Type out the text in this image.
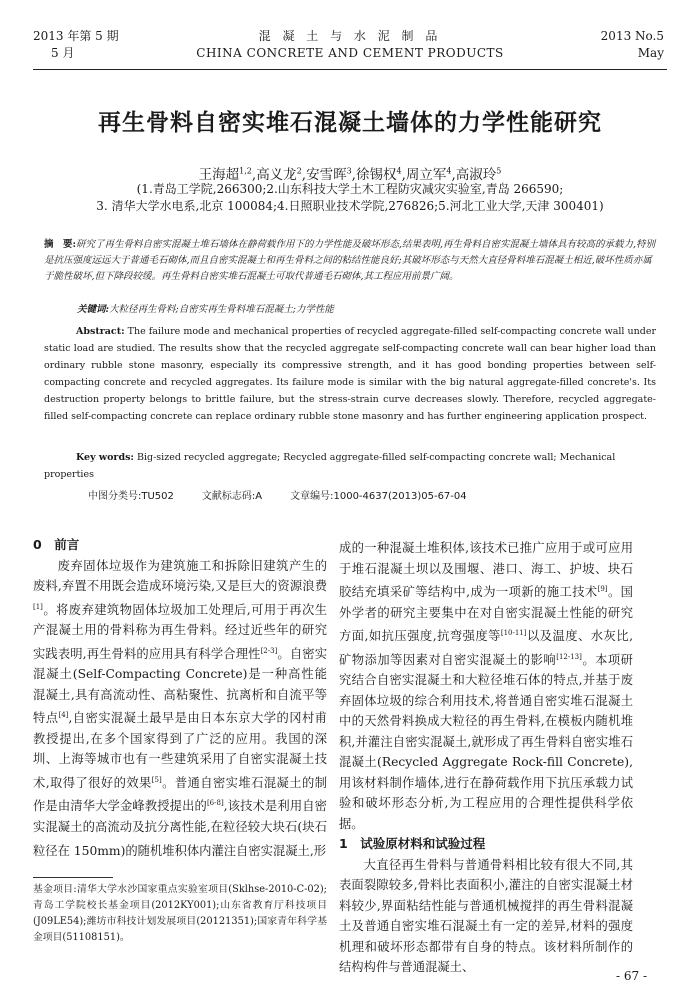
2013 年第 5 期
5 月
混 凝 土 与 水 泥 制 品
CHINA CONCRETE AND CEMENT PRODUCTS
2013 No.5
May
再生骨料自密实堆石混凝土墙体的力学性能研究
王海超$^{1,2}$,高义龙$^2$,安雪晖$^3$,徐锡权$^4$,周立军$^4$,高淑玲$^5$
(1.青岛工学院,266300;2.山东科技大学土木工程防灾减灾实验室,青岛 266590;
3. 清华大学水电系,北京 100084;4.日照职业技术学院,276826;5.河北工业大学,天津 300401)
摘　要:研究了再生骨料自密实混凝土堆石墙体在静荷载作用下的力学性能及破坏形态,结果表明,再生骨料自密实混凝土墙体具有较高的承载力,特别是抗压强度远远大于普通毛石砌体,而且自密实混凝土和再生骨料之间的粘结性能良好;其破坏形态与天然大直径骨料堆石混凝土相近,破坏性质亦属于脆性破坏,但下降段较缓。再生骨料自密实堆石混凝土可取代普通毛石砌体,其工程应用前景广阔。
关键词:大粒径再生骨料;自密实再生骨料堆石混凝土;力学性能
Abstract: The failure mode and mechanical properties of recycled aggregate-filled self-compacting concrete wall under static load are studied. The results show that the recycled aggregate self-compacting concrete wall can bear higher load than ordinary rubble stone masonry, especially its compressive strength, and it has good bonding properties between self-compacting concrete and recycled aggregates. Its failure mode is similar with the big natural aggregate-filled concrete's. Its destruction property belongs to brittle failure, but the stress-strain curve decreases slowly. Therefore, recycled aggregate-filled self-compacting concrete can replace ordinary rubble stone masonry and has further engineering application prospect.
Key words: Big-sized recycled aggregate; Recycled aggregate-filled self-compacting concrete wall; Mechanical properties
中图分类号:TU502	文献标志码:A	文章编号:1000-4637(2013)05-67-04
0　前言

废弃固体垃圾作为建筑施工和拆除旧建筑产生的废料,弃置不用既会造成环境污染,又是巨大的资源浪费[1]。将废弃建筑物固体垃圾加工处理后,可用于再次生产混凝土用的骨料称为再生骨料。经过近些年的研究实践表明,再生骨料的应用具有科学合理性[2-3]。自密实混凝土(Self-Compacting Concrete)是一种高性能混凝土,具有高流动性、高粘聚性、抗离析和自流平等特点[4],自密实混凝土最早是由日本东京大学的冈村甫教授提出,在多个国家得到了广泛的应用。我国的深圳、上海等城市也有一些建筑采用了自密实混凝土技术,取得了很好的效果[5]。普通自密实堆石混凝土的制作是由清华大学金峰教授提出的[6-8],该技术是利用自密实混凝土的高流动及抗分离性能,在粒径较大块石(块石粒径在 150mm)的随机堆积体内灌注自密实混凝土,形

基金项目:清华大学水沙国家重点实验室项目(Sklhse-2010-C-02);青岛工学院校长基金项目(2012KY001);山东省教育厅科技项目(J09LE54);潍坊市科技计划发展项目(20121351);国家青年科学基金项目(51108151)。
- 67 -

成的一种混凝土堆积体,该技术已推广应用于或可应用于堆石混凝土坝以及围堰、港口、海工、护坡、块石胶结充填采矿等结构中,成为一项新的施工技术[9]。国外学者的研究主要集中在对自密实混凝土性能的研究方面,如抗压强度,抗弯强度等[10-11]以及温度、水灰比,矿物添加等因素对自密实混凝土的影响[12-13]。本项研究结合自密实混凝土和大粒径堆石体的特点,并基于废弃固体垃圾的综合利用技术,将普通自密实堆石混凝土中的天然骨料换成大粒径的再生骨料,在模板内随机堆积,并灌注自密实混凝土,就形成了再生骨料自密实堆石混凝土(Recycled Aggregate Rock-fill Concrete),用该材料制作墙体,进行在静荷载作用下抗压承载力试验和破坏形态分析,为工程应用的合理性提供科学依据。

1　试验原材料和试验过程

大直径再生骨料与普通骨料相比较有很大不同,其表面裂隙较多,骨料比表面积小,灌注的自密实混凝土材料较少,界面粘结性能与普通机械搅拌的再生骨料混凝土及普通自密实堆石混凝土有一定的差异,材料的强度机理和破坏形态都带有自身的特点。该材料所制作的结构构件与普通混凝土、
